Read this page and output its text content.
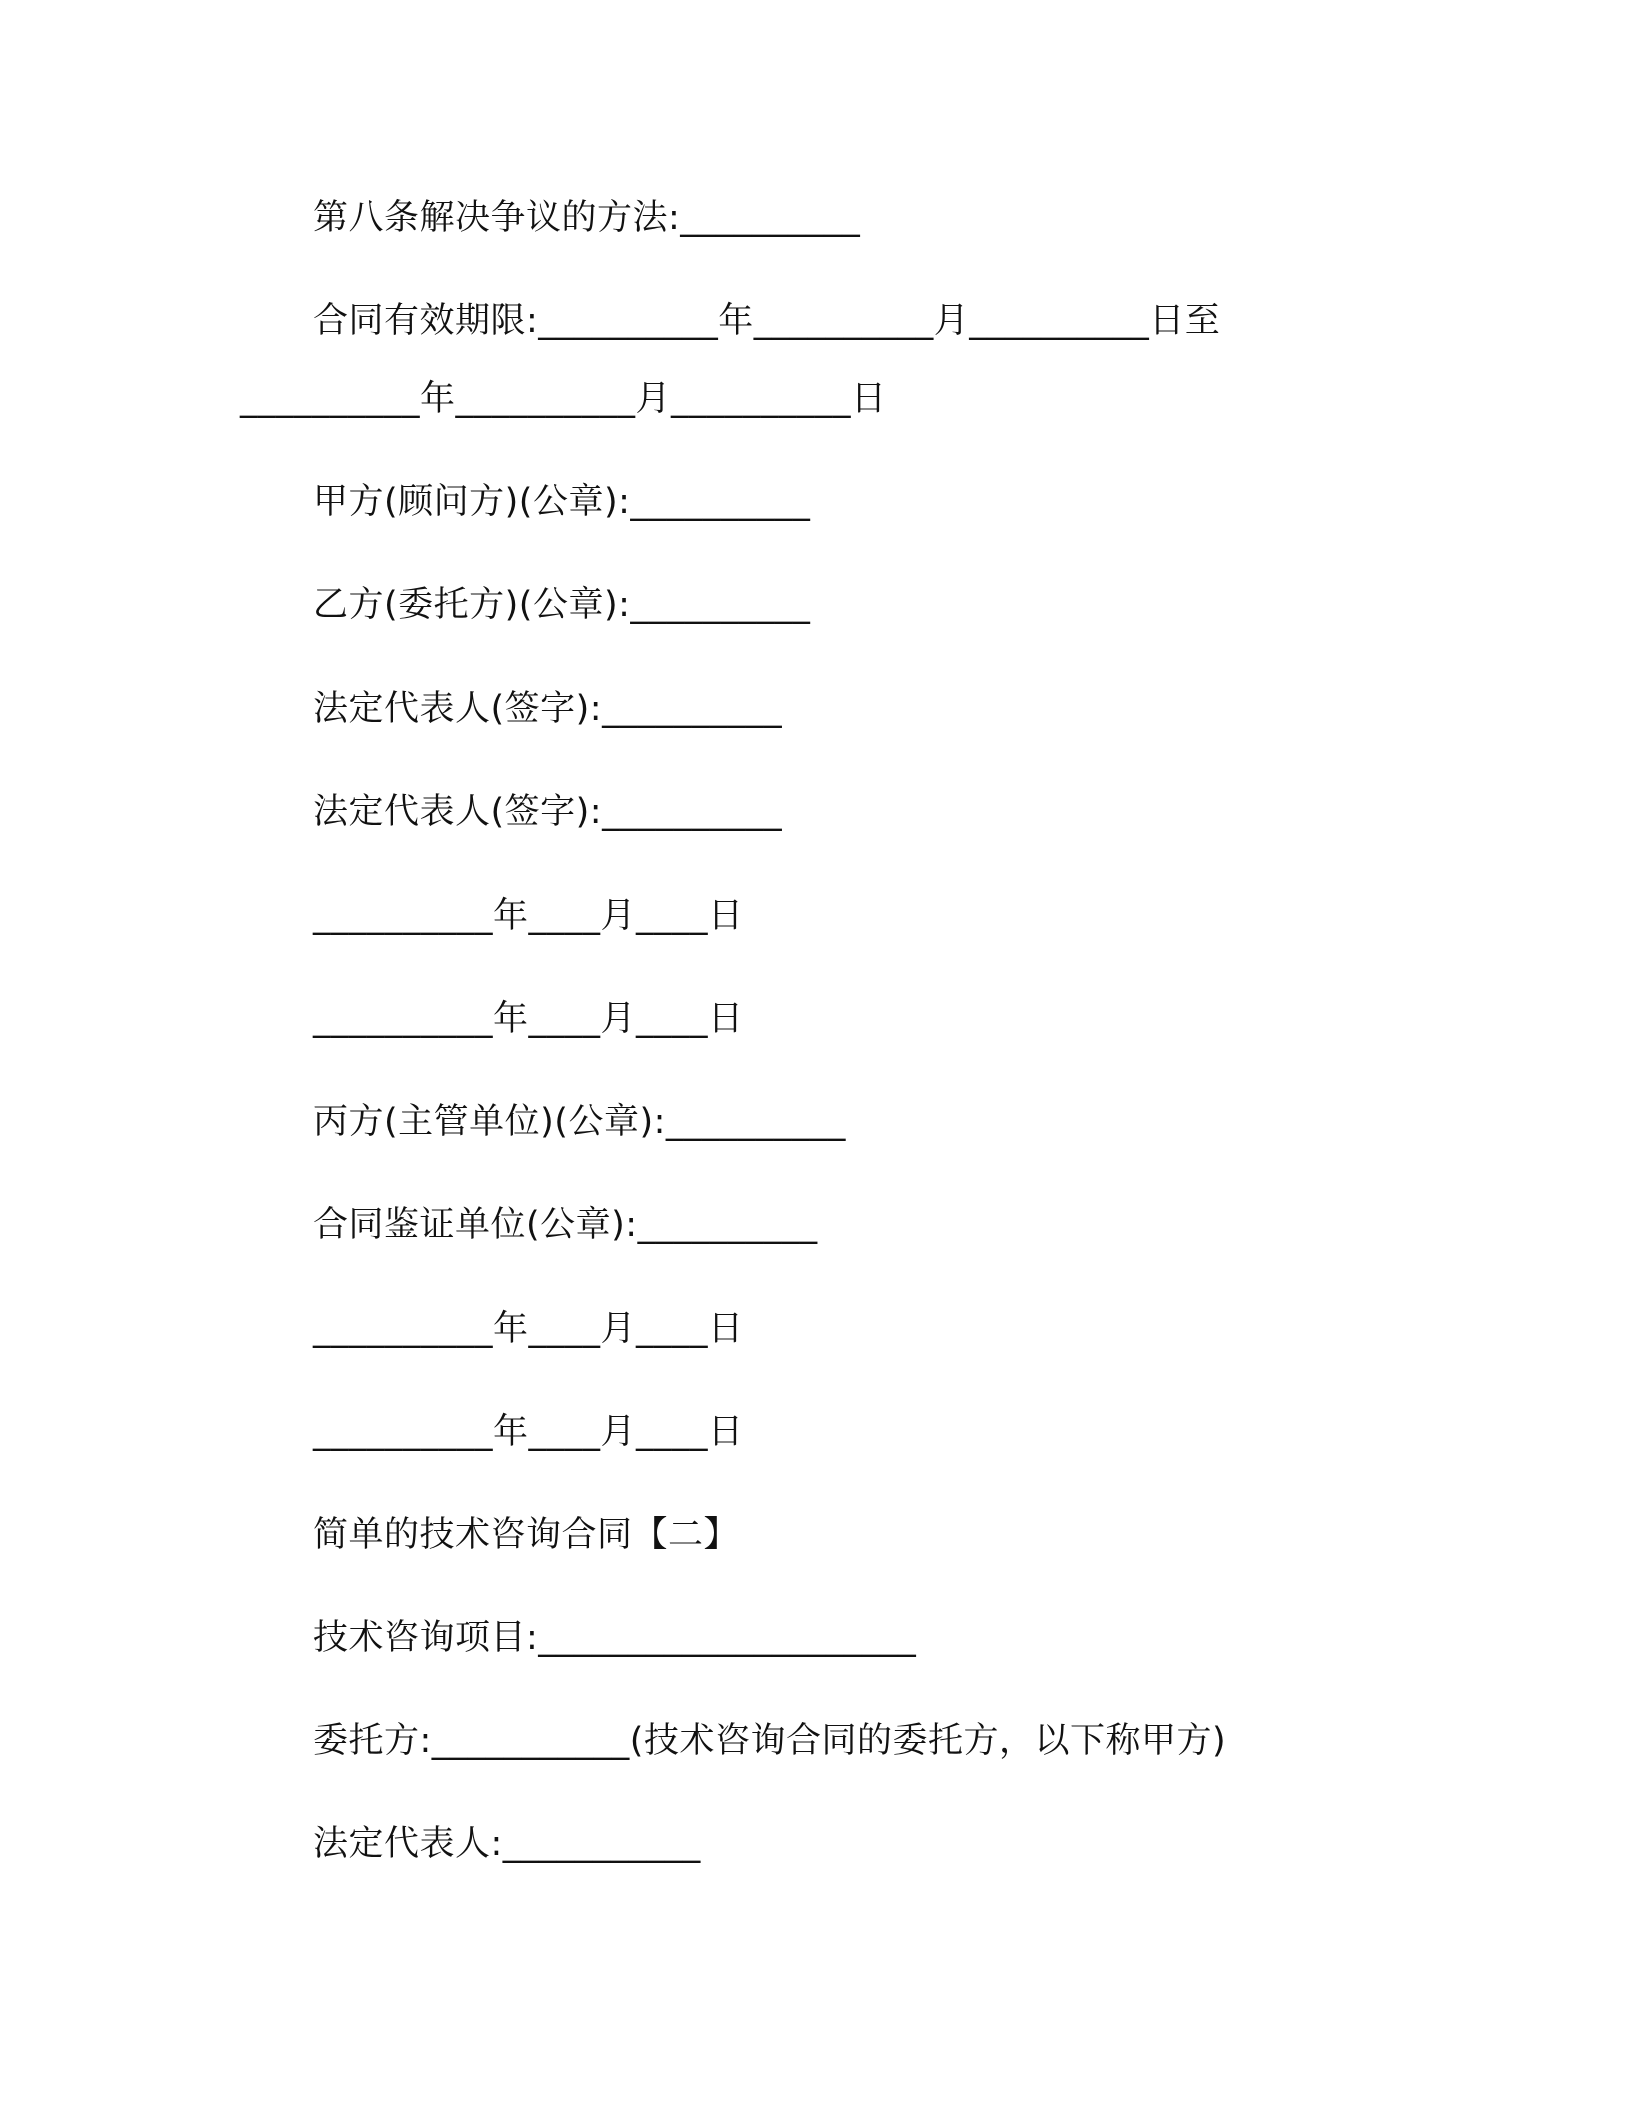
第八条解决争议的方法:__________
合同有效期限:__________年__________月__________日至
__________年__________月__________日
甲方(顾问方)(公章):__________
乙方(委托方)(公章):__________
法定代表人(签字):__________
法定代表人(签字):__________
__________年____月____日
__________年____月____日
丙方(主管单位)(公章):__________
合同鉴证单位(公章):__________
__________年____月____日
__________年____月____日
简单的技术咨询合同【二】
技术咨询项目:_____________________
委托方:___________(技术咨询合同的委托方，以下称甲方)
法定代表人:___________
